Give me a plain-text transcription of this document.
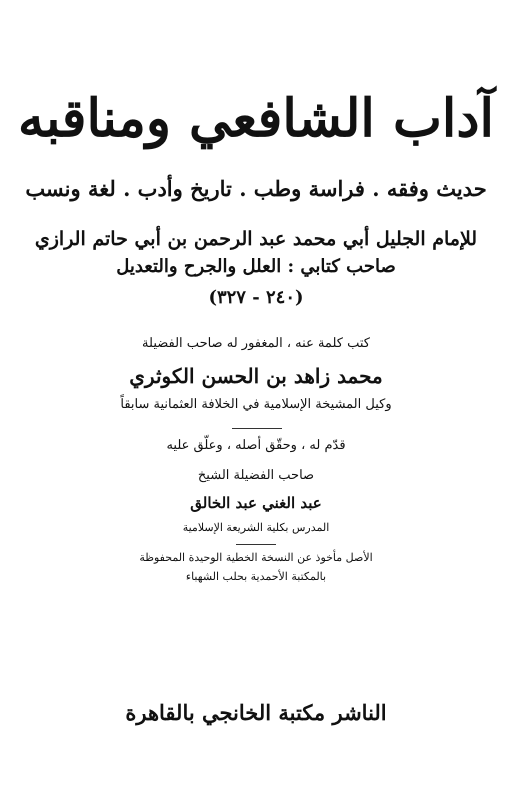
آداب الشافعي ومناقبه
حديث وفقه . فراسة وطب . تاريخ وأدب . لغة ونسب
للإمام الجليل أبي محمد عبد الرحمن بن أبي حاتم الرازي
صاحب كتابي : العلل والجرح والتعديل
(٢٤٠ - ٣٢٧)
كتب كلمة عنه ، المغفور له صاحب الفضيلة
محمد زاهد بن الحسن الكوثري
وكيل المشيخة الإسلامية في الخلافة العثمانية سابقاً
قدّم له ، وحقّق أصله ، وعلّق عليه
صاحب الفضيلة الشيخ
عبد الغني عبد الخالق
المدرس بكلية الشريعة الإسلامية
الأصل مأخوذ عن النسخة الخطية الوحيدة المحفوظة
بالمكتبة الأحمدية بحلب الشهباء
الناشر مكتبة الخانجي بالقاهرة
